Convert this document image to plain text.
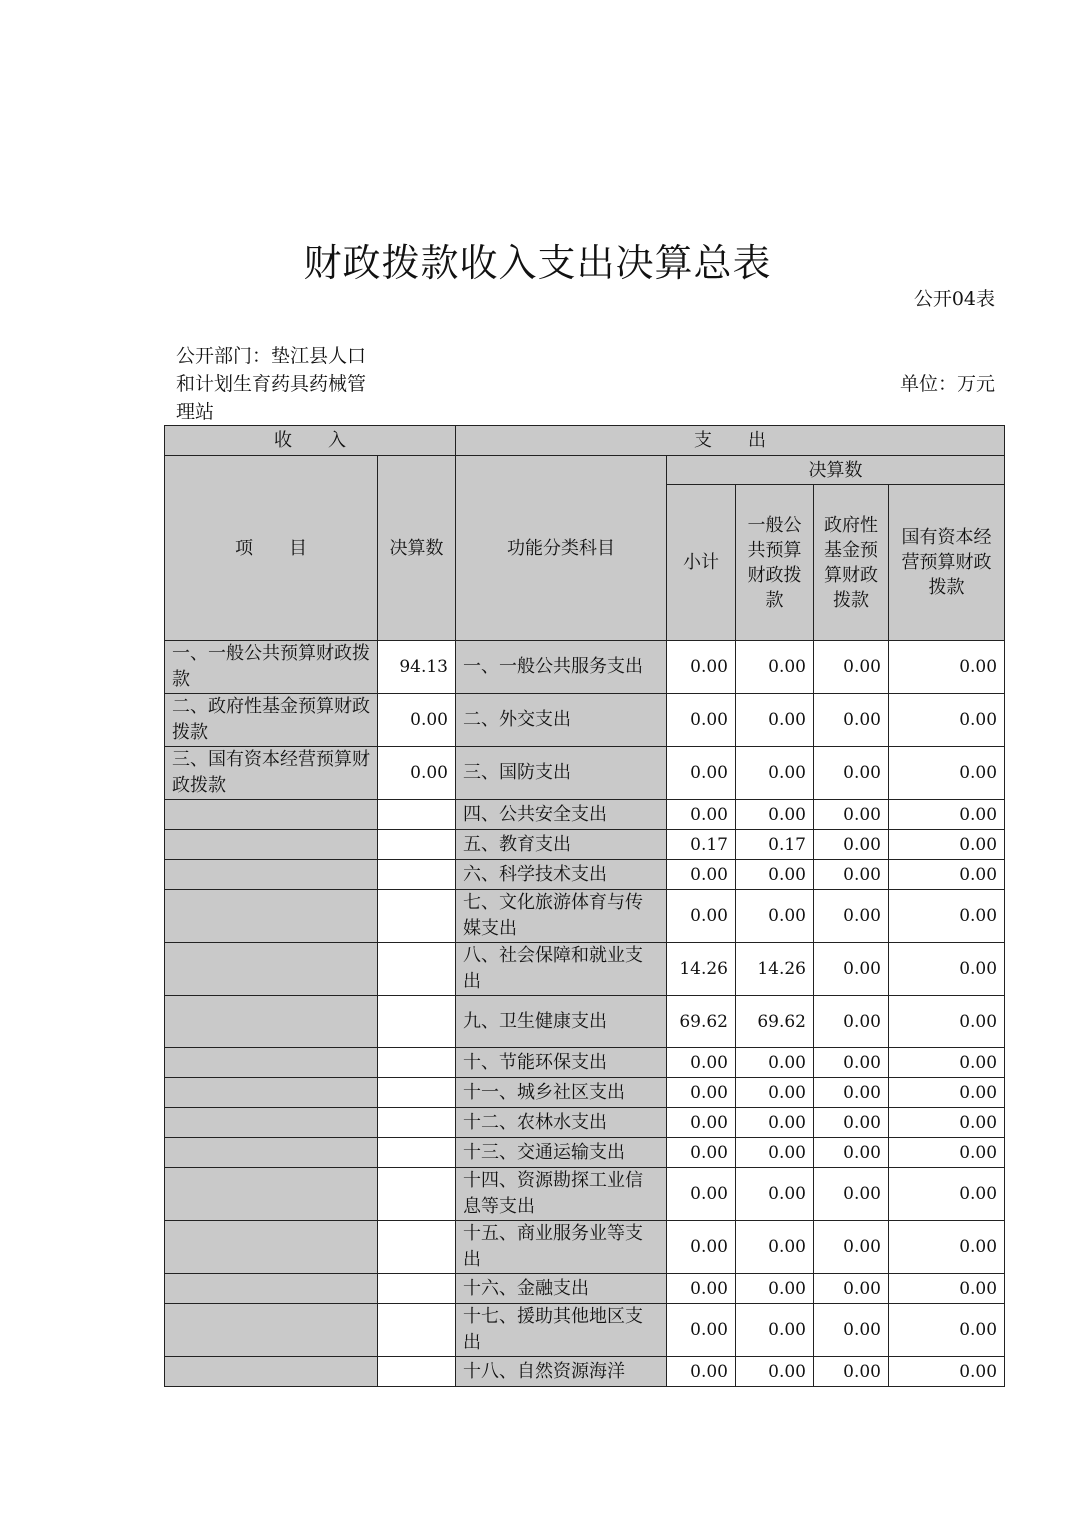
财政拨款收入支出决算总表
公开04表
公开部门：垫江县人口和计划生育药具药械管理站
单位：万元
收　　入		支　　出				
项　　目	决算数	功能分类科目	决算数			
			小计	一般公共预算财政拨款	政府性基金预算财政拨款	国有资本经营预算财政拨款
一、一般公共预算财政拨款	94.13	一、一般公共服务支出	0.00	0.00	0.00	0.00
二、政府性基金预算财政拨款	0.00	二、外交支出	0.00	0.00	0.00	0.00
三、国有资本经营预算财政拨款	0.00	三、国防支出	0.00	0.00	0.00	0.00
		四、公共安全支出	0.00	0.00	0.00	0.00
		五、教育支出	0.17	0.17	0.00	0.00
		六、科学技术支出	0.00	0.00	0.00	0.00
		七、文化旅游体育与传媒支出	0.00	0.00	0.00	0.00
		八、社会保障和就业支出	14.26	14.26	0.00	0.00
		九、卫生健康支出	69.62	69.62	0.00	0.00
		十、节能环保支出	0.00	0.00	0.00	0.00
		十一、城乡社区支出	0.00	0.00	0.00	0.00
		十二、农林水支出	0.00	0.00	0.00	0.00
		十三、交通运输支出	0.00	0.00	0.00	0.00
		十四、资源勘探工业信息等支出	0.00	0.00	0.00	0.00
		十五、商业服务业等支出	0.00	0.00	0.00	0.00
		十六、金融支出	0.00	0.00	0.00	0.00
		十七、援助其他地区支出	0.00	0.00	0.00	0.00
		十八、自然资源海洋	0.00	0.00	0.00	0.00
